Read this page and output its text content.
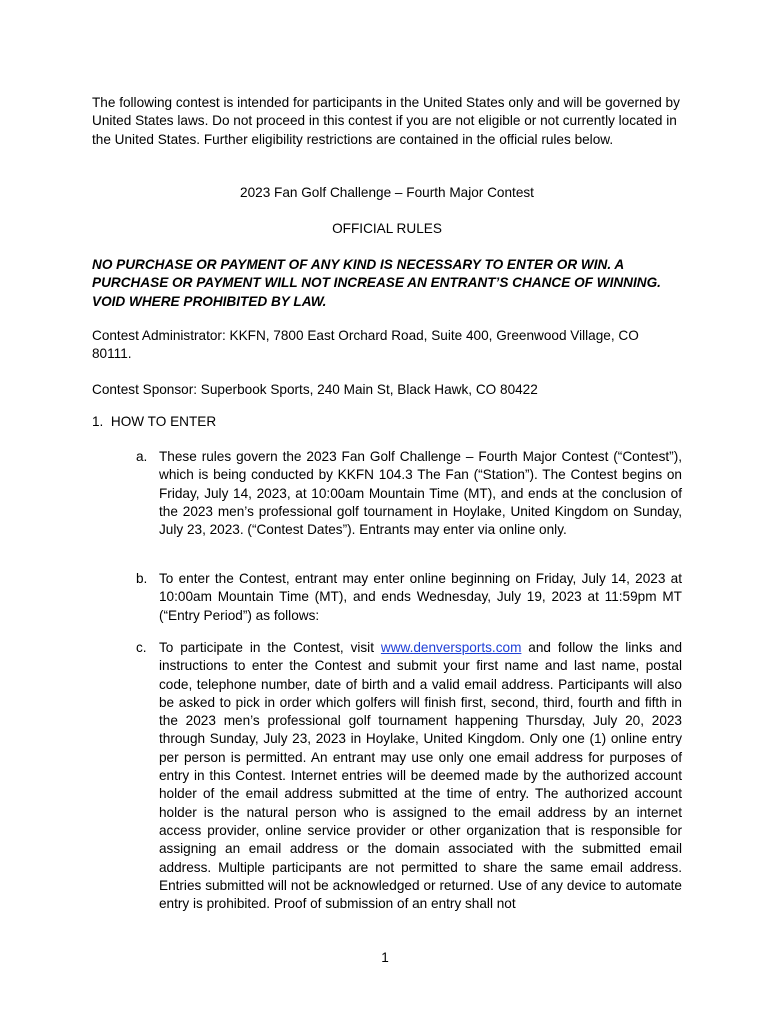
The following contest is intended for participants in the United States only and will be governed by United States laws. Do not proceed in this contest if you are not eligible or not currently located in the United States. Further eligibility restrictions are contained in the official rules below.

2023 Fan Golf Challenge – Fourth Major Contest

OFFICIAL RULES

NO PURCHASE OR PAYMENT OF ANY KIND IS NECESSARY TO ENTER OR WIN. A PURCHASE OR PAYMENT WILL NOT INCREASE AN ENTRANT’S CHANCE OF WINNING. VOID WHERE PROHIBITED BY LAW.

Contest Administrator: KKFN, 7800 East Orchard Road, Suite 400, Greenwood Village, CO 80111.

Contest Sponsor: Superbook Sports, 240 Main St, Black Hawk, CO 80422

1. HOW TO ENTER
a. These rules govern the 2023 Fan Golf Challenge – Fourth Major Contest (“Contest”), which is being conducted by KKFN 104.3 The Fan (“Station”). The Contest begins on Friday, July 14, 2023, at 10:00am Mountain Time (MT), and ends at the conclusion of the 2023 men’s professional golf tournament in Hoylake, United Kingdom on Sunday, July 23, 2023. (“Contest Dates”). Entrants may enter via online only.

b. To enter the Contest, entrant may enter online beginning on Friday, July 14, 2023 at 10:00am Mountain Time (MT), and ends Wednesday, July 19, 2023 at 11:59pm MT (“Entry Period”) as follows:

c. To participate in the Contest, visit www.denversports.com and follow the links and instructions to enter the Contest and submit your first name and last name, postal code, telephone number, date of birth and a valid email address. Participants will also be asked to pick in order which golfers will finish first, second, third, fourth and fifth in the 2023 men’s professional golf tournament happening Thursday, July 20, 2023 through Sunday, July 23, 2023 in Hoylake, United Kingdom. Only one (1) online entry per person is permitted. An entrant may use only one email address for purposes of entry in this Contest. Internet entries will be deemed made by the authorized account holder of the email address submitted at the time of entry. The authorized account holder is the natural person who is assigned to the email address by an internet access provider, online service provider or other organization that is responsible for assigning an email address or the domain associated with the submitted email address. Multiple participants are not permitted to share the same email address. Entries submitted will not be acknowledged or returned. Use of any device to automate entry is prohibited. Proof of submission of an entry shall not

1
